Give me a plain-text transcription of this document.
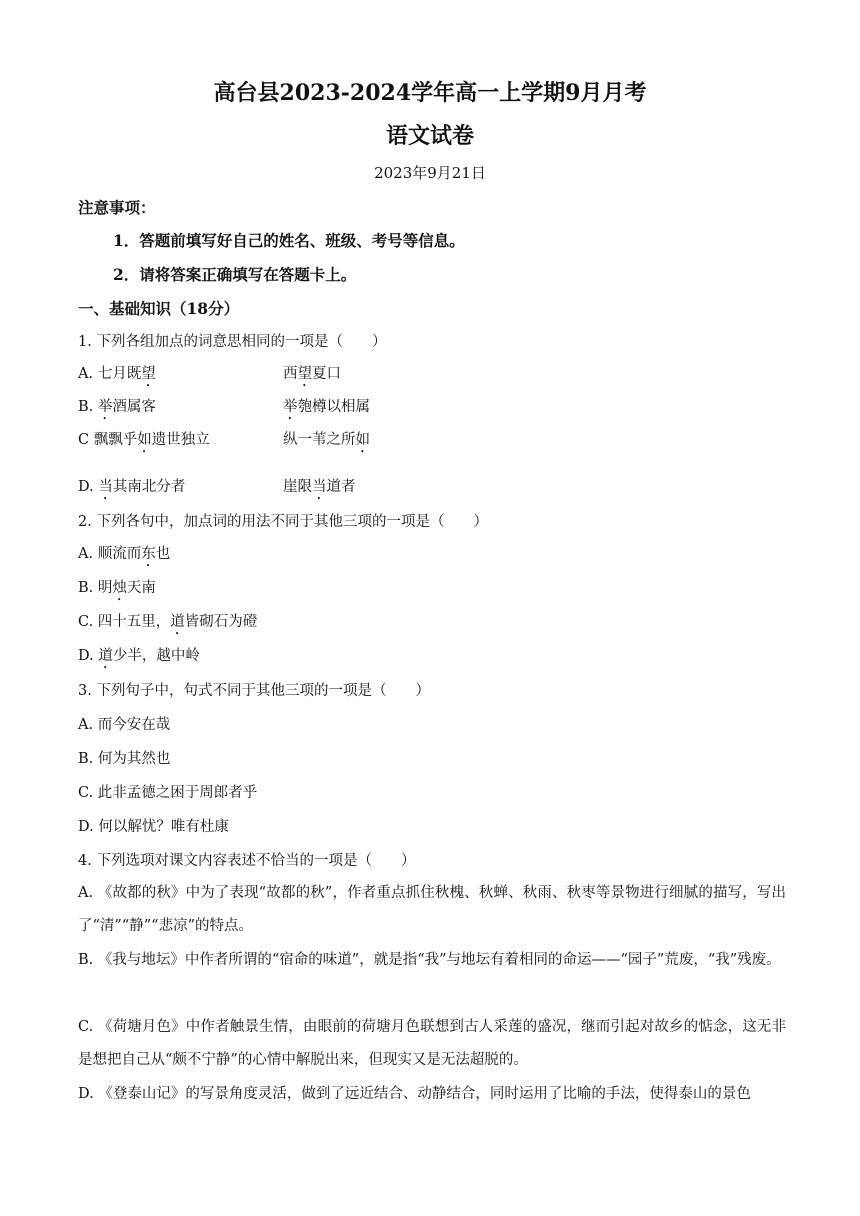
高台县2023-2024学年高一上学期9月月考
语文试卷
2023年9月21日
注意事项：
1．答题前填写好自己的姓名、班级、考号等信息。
2．请将答案正确填写在答题卡上。
一、基础知识（18分）
1. 下列各组加点的词意思相同的一项是（　　）
A. 七月既望	西望夏口
B. 举酒属客	举匏樽以相属
C 飘飘乎如遗世独立	纵一苇之所如
D. 当其南北分者	崖限当道者
2. 下列各句中，加点词的用法不同于其他三项的一项是（　　）
A. 顺流而东也
B. 明烛天南
C. 四十五里，道皆砌石为磴
D. 道少半，越中岭
3. 下列句子中，句式不同于其他三项的一项是（　　）
A. 而今安在哉
B. 何为其然也
C. 此非孟德之困于周郎者乎
D. 何以解忧？唯有杜康
4. 下列选项对课文内容表述不恰当的一项是（　　）
A. 《故都的秋》中为了表现“故都的秋”，作者重点抓住秋槐、秋蝉、秋雨、秋枣等景物进行细腻的描写，写出了“清”“静”“悲凉”的特点。
B. 《我与地坛》中作者所谓的“宿命的味道”，就是指“我”与地坛有着相同的命运——“园子”荒废，“我”残废。
C. 《荷塘月色》中作者触景生情，由眼前的荷塘月色联想到古人采莲的盛况，继而引起对故乡的惦念，这无非是想把自己从“颇不宁静”的心情中解脱出来，但现实又是无法超脱的。
D. 《登泰山记》的写景角度灵活，做到了远近结合、动静结合，同时运用了比喻的手法，使得泰山的景色
